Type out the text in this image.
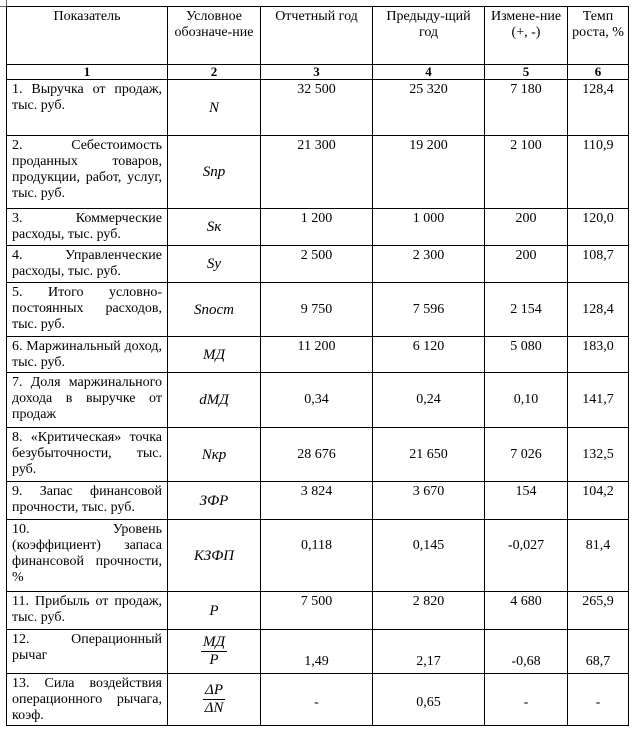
Показатель	Условное обозначе-ние	Отчетный год	Предыду-щий год	Измене-ние (+, -)	Темп роста, %
1	2	3	4	5	6
1. Выручка от продаж, тыс. руб.	N	32 500	25 320	7 180	128,4
2. Себестоимость проданных товаров, продукции, работ, услуг, тыс. руб.	Sпр	21 300	19 200	2 100	110,9
3. Коммерческие расходы, тыс. руб.	Sк	1 200	1 000	200	120,0
4. Управленческие расходы, тыс. руб.	Sу	2 500	2 300	200	108,7
5. Итого условно-постоянных расходов, тыс. руб.	Sпост	9 750	7 596	2 154	128,4
6. Маржинальный доход, тыс. руб.	МД	11 200	6 120	5 080	183,0
7. Доля маржинального дохода в выручке от продаж	dМД	0,34	0,24	0,10	141,7
8. «Критическая» точка безубыточности, тыс. руб.	Nкр	28 676	21 650	7 026	132,5
9. Запас финансовой прочности, тыс. руб.	ЗФР	3 824	3 670	154	104,2
10. Уровень (коэффициент) запаса финансовой прочности, %	КЗФП	0,118	0,145	-0,027	81,4
11. Прибыль от продаж, тыс. руб.	P	7 500	2 820	4 680	265,9
12. Операционный рычаг	$\frac{МД}{P}$	1,49	2,17	-0,68	68,7
13. Сила воздействия операционного рычага, коэф.	$\frac{\Delta P}{\Delta N}$	-	0,65	-	-
